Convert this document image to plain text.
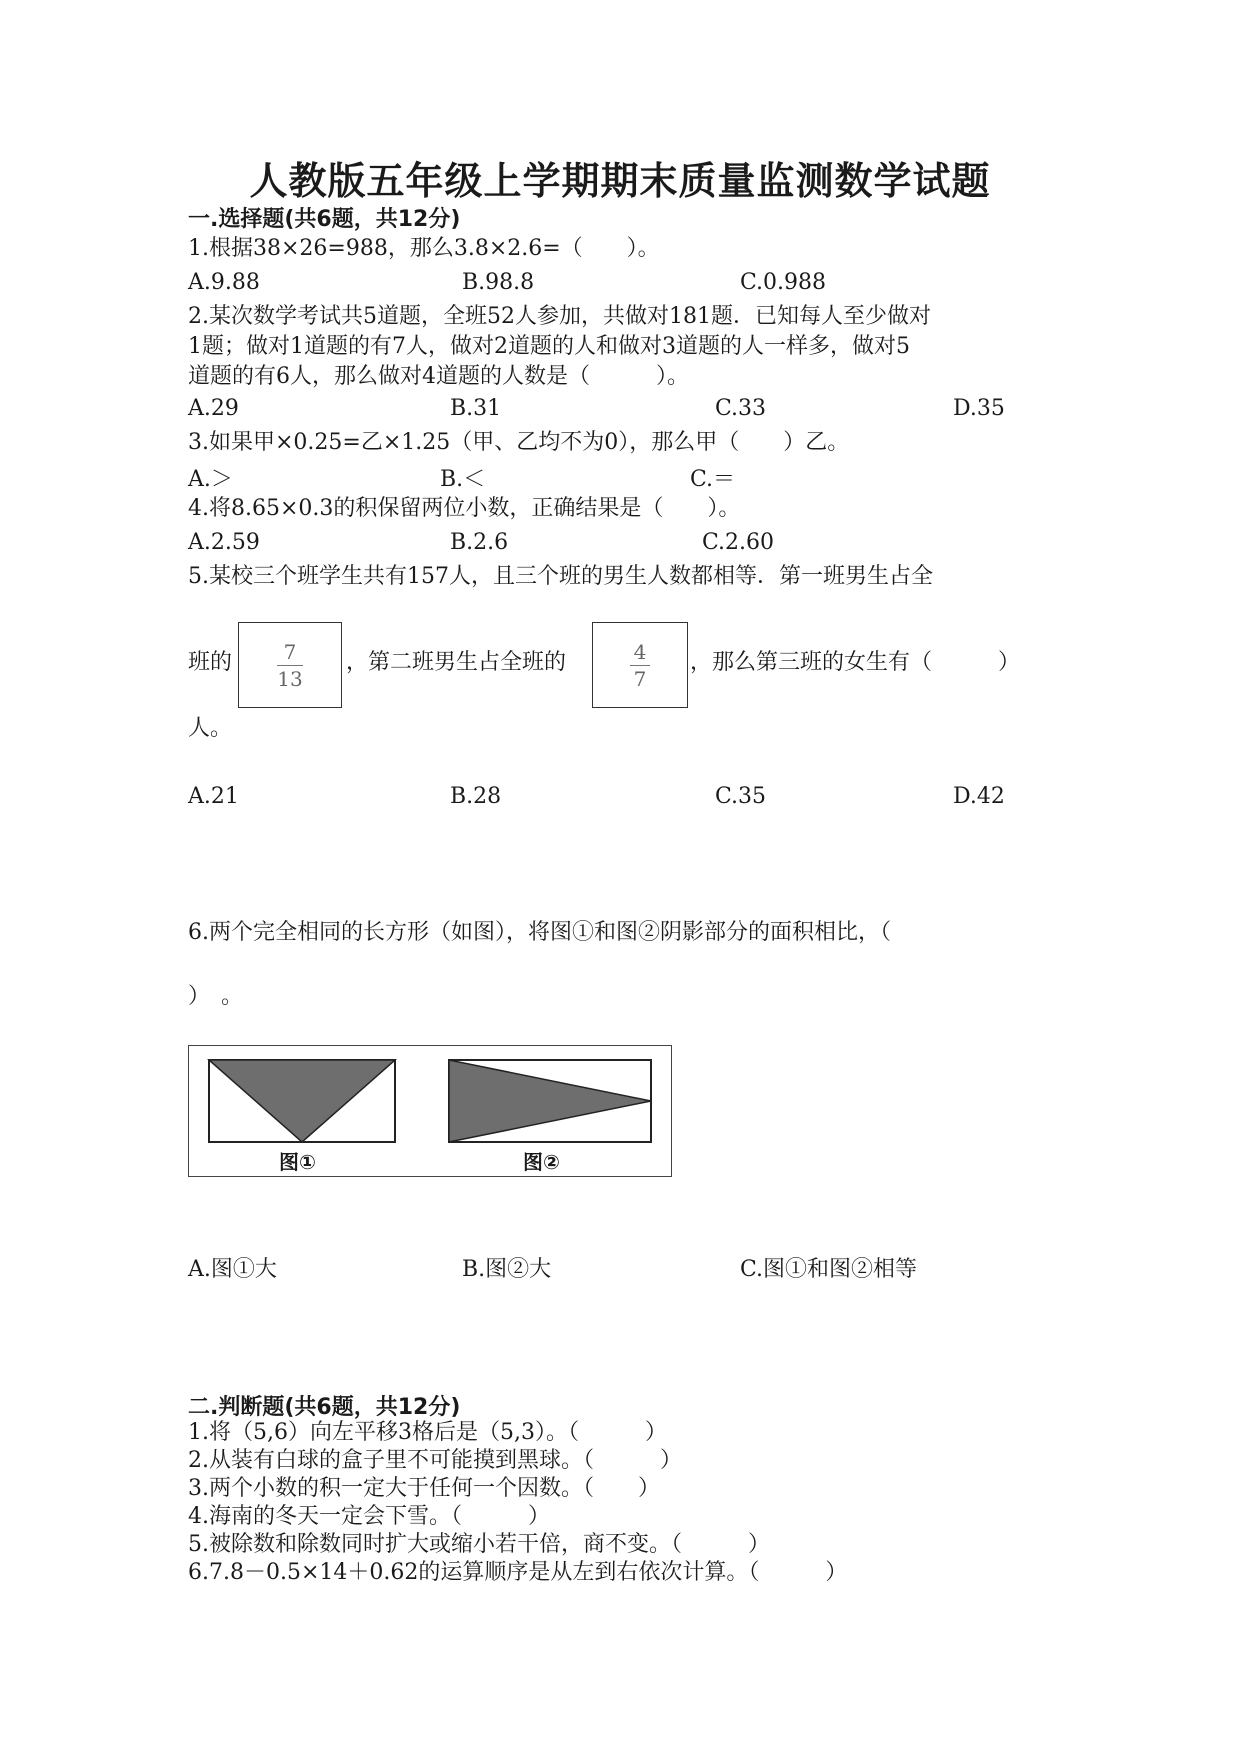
人教版五年级上学期期末质量监测数学试题
一.选择题(共6题，共12分)
1.根据38×26=988，那么3.8×2.6=（　　）。
A.9.88	B.98.8	C.0.988
2.某次数学考试共5道题，全班52人参加，共做对181题．已知每人至少做对
1题；做对1道题的有7人，做对2道题的人和做对3道题的人一样多，做对5
道题的有6人，那么做对4道题的人数是（　　　）。
A.29	B.31	C.33	D.35
3.如果甲×0.25=乙×1.25（甲、乙均不为0），那么甲（　　）乙。
A.＞	B.＜	C.＝
4.将8.65×0.3的积保留两位小数，正确结果是（　　）。
A.2.59	B.2.6	C.2.60
5.某校三个班学生共有157人，且三个班的男生人数都相等．第一班男生占全
班的 $\frac{7}{13}$ ，第二班男生占全班的	$\frac{4}{7}$ ，那么第三班的女生有（　　　）
人。
A.21	B.28	C.35	D.42
6.两个完全相同的长方形（如图），将图①和图②阴影部分的面积相比，（
）　。
图①	图②
A.图①大	B.图②大	C.图①和图②相等
二.判断题(共6题，共12分)
1.将（5,6）向左平移3格后是（5,3）。（　　　）
2.从装有白球的盒子里不可能摸到黑球。（　　　）
3.两个小数的积一定大于任何一个因数。（　　）
4.海南的冬天一定会下雪。（　　　）
5.被除数和除数同时扩大或缩小若干倍，商不变。（　　　）
6.7.8－0.5×14＋0.62的运算顺序是从左到右依次计算。（　　　）
